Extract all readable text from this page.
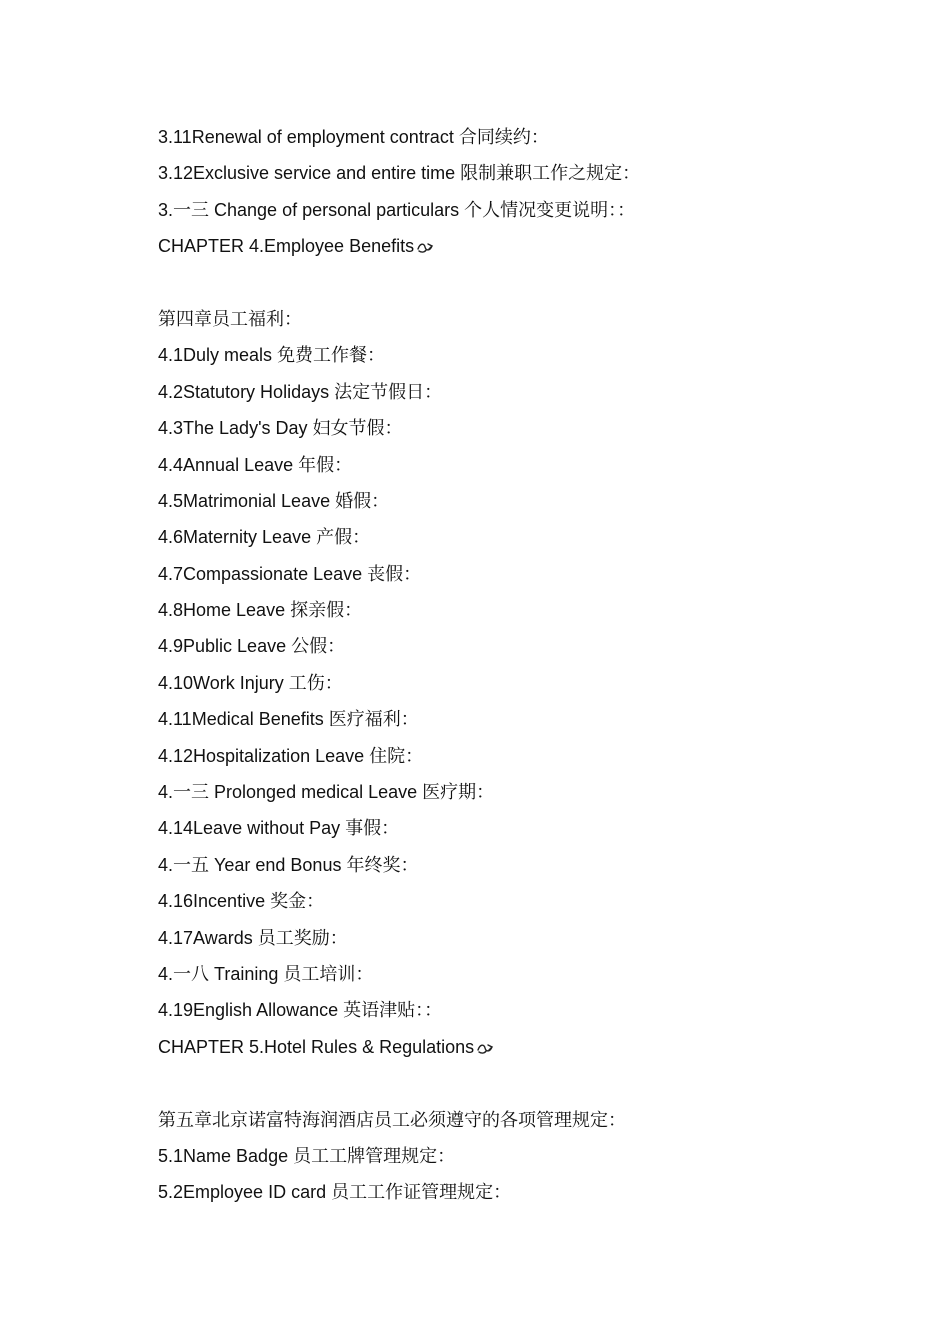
3.11Renewal of employment contract 合同续约：
3.12Exclusive service and entire time 限制兼职工作之规定：
3.一三 Change of personal particulars 个人情况变更说明：：
CHAPTER 4.Employee Benefits
第四章员工福利：
4.1Duly meals 免费工作餐：
4.2Statutory Holidays 法定节假日：
4.3The Lady's Day 妇女节假：
4.4Annual Leave 年假：
4.5Matrimonial Leave 婚假：
4.6Maternity Leave 产假：
4.7Compassionate Leave 丧假：
4.8Home Leave 探亲假：
4.9Public Leave 公假：
4.10Work Injury 工伤：
4.11Medical Benefits 医疗福利：
4.12Hospitalization Leave 住院：
4.一三 Prolonged medical Leave 医疗期：
4.14Leave without Pay 事假：
4.一五 Year end Bonus 年终奖：
4.16Incentive 奖金：
4.17Awards 员工奖励：
4.一八 Training 员工培训：
4.19English Allowance 英语津贴：：
CHAPTER 5.Hotel Rules & Regulations
第五章北京诺富特海润酒店员工必须遵守的各项管理规定：
5.1Name Badge 员工工牌管理规定：
5.2Employee ID card 员工工作证管理规定：
